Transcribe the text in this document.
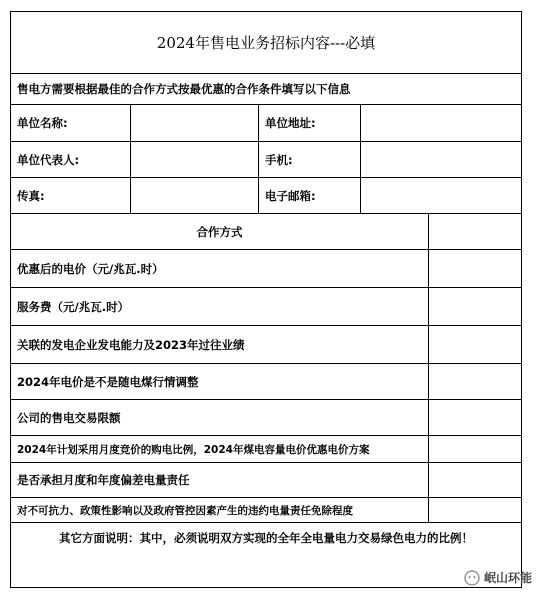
2024年售电业务招标内容---必填
售电方需要根据最佳的合作方式按最优惠的合作条件填写以下信息
单位名称:	单位地址:
单位代表人:	手机:
传真:	电子邮箱:
合作方式
优惠后的电价（元/兆瓦.时）
服务费（元/兆瓦.时）
关联的发电企业发电能力及2023年过往业绩
2024年电价是不是随电煤行情调整
公司的售电交易限额
2024年计划采用月度竞价的购电比例，2024年煤电容量电价优惠电价方案
是否承担月度和年度偏差电量责任
对不可抗力、政策性影响以及政府管控因素产生的违约电量责任免除程度
其它方面说明：其中，必须说明双方实现的全年全电量电力交易绿色电力的比例！
岷山环能
